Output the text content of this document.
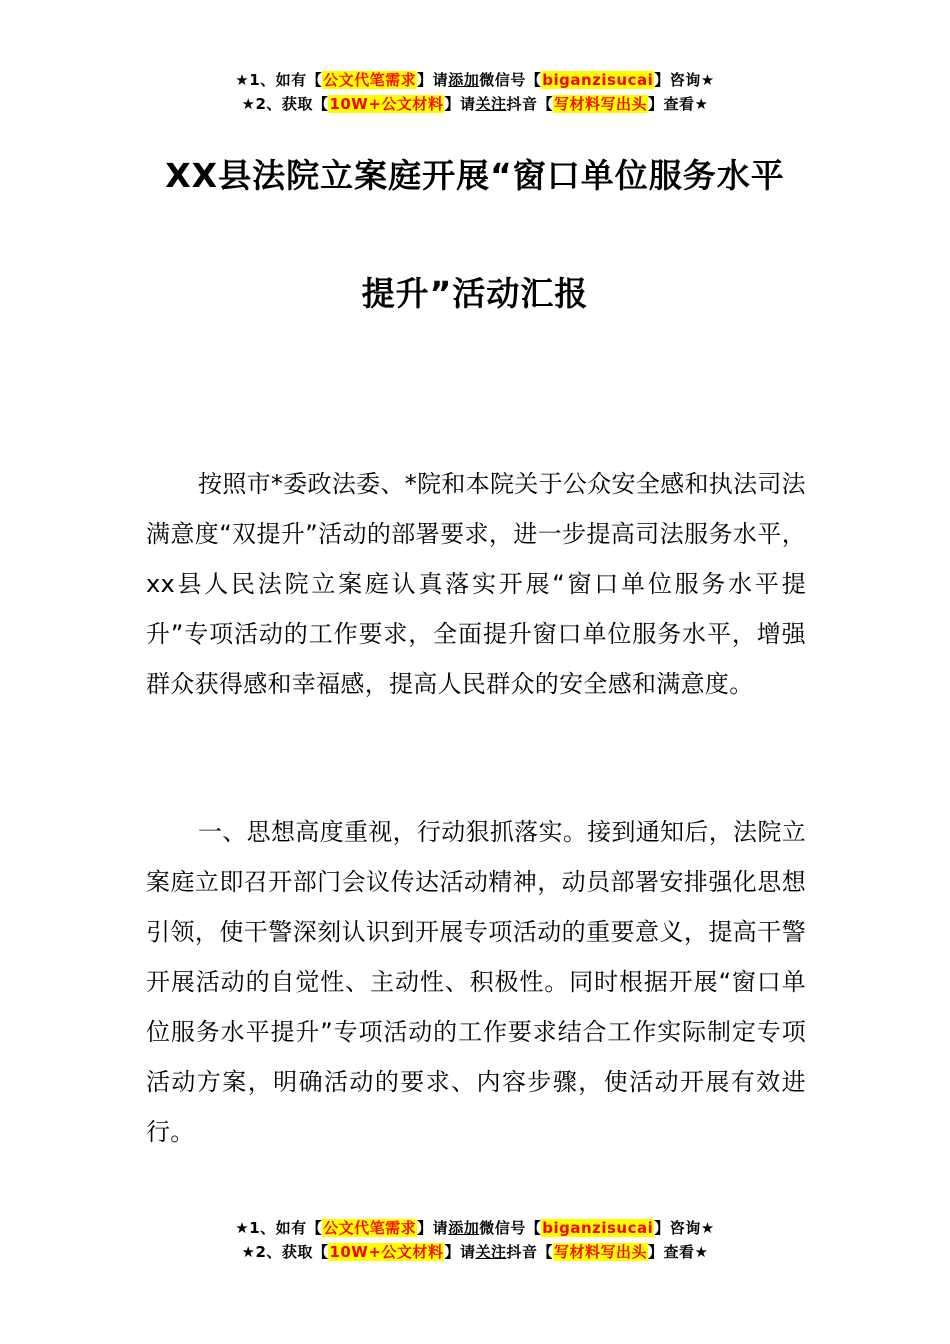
★1、如有【公文代笔需求】请添加微信号【biganzisucai】咨询★
★2、获取【10W+公文材料】请关注抖音【写材料写出头】查看★
XX县法院立案庭开展“窗口单位服务水平
提升”活动汇报

按照市*委政法委、*院和本院关于公众安全感和执法司法满意度“双提升”活动的部署要求，进一步提高司法服务水平，xx县人民法院立案庭认真落实开展“窗口单位服务水平提升”专项活动的工作要求，全面提升窗口单位服务水平，增强群众获得感和幸福感，提高人民群众的安全感和满意度。

一、思想高度重视，行动狠抓落实。接到通知后，法院立案庭立即召开部门会议传达活动精神，动员部署安排强化思想引领，使干警深刻认识到开展专项活动的重要意义，提高干警开展活动的自觉性、主动性、积极性。同时根据开展“窗口单位服务水平提升”专项活动的工作要求结合工作实际制定专项活动方案，明确活动的要求、内容步骤，使活动开展有效进行。

★1、如有【公文代笔需求】请添加微信号【biganzisucai】咨询★
★2、获取【10W+公文材料】请关注抖音【写材料写出头】查看★
